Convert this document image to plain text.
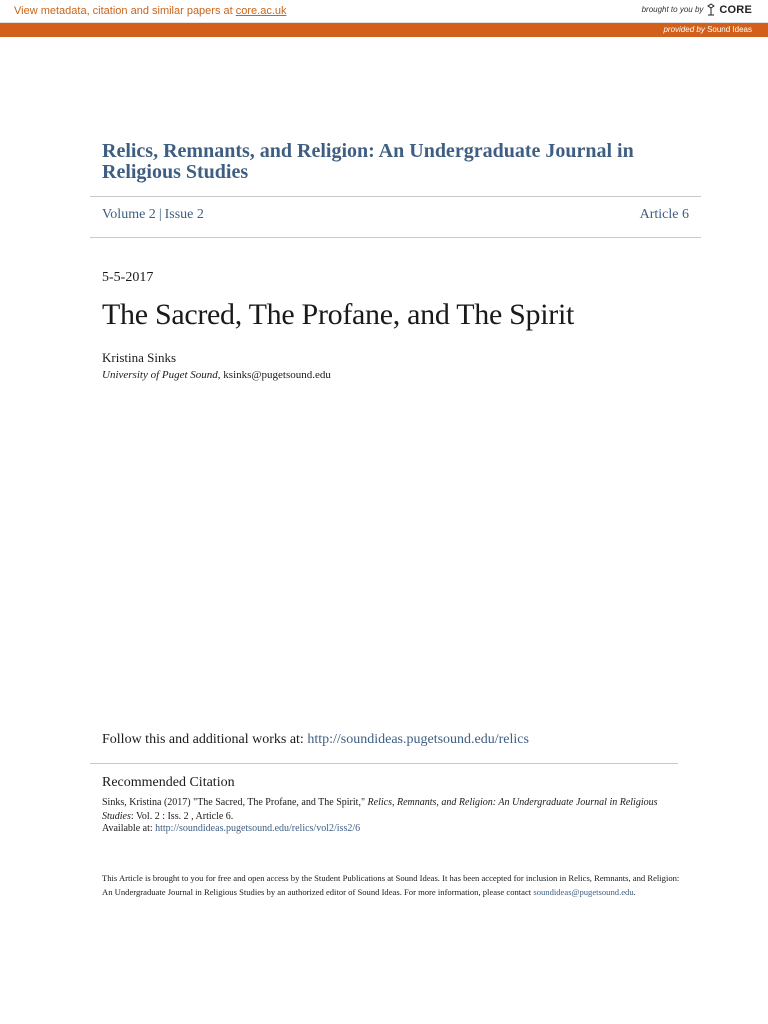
View metadata, citation and similar papers at core.ac.uk	brought to you by CORE
provided by Sound Ideas
Relics, Remnants, and Religion: An Undergraduate Journal in Religious Studies
Volume 2 | Issue 2	Article 6
5-5-2017
The Sacred, The Profane, and The Spirit
Kristina Sinks
University of Puget Sound, ksinks@pugetsound.edu
Follow this and additional works at: http://soundideas.pugetsound.edu/relics
Recommended Citation
Sinks, Kristina (2017) "The Sacred, The Profane, and The Spirit," Relics, Remnants, and Religion: An Undergraduate Journal in Religious Studies: Vol. 2 : Iss. 2 , Article 6.
Available at: http://soundideas.pugetsound.edu/relics/vol2/iss2/6
This Article is brought to you for free and open access by the Student Publications at Sound Ideas. It has been accepted for inclusion in Relics, Remnants, and Religion: An Undergraduate Journal in Religious Studies by an authorized editor of Sound Ideas. For more information, please contact soundideas@pugetsound.edu.
